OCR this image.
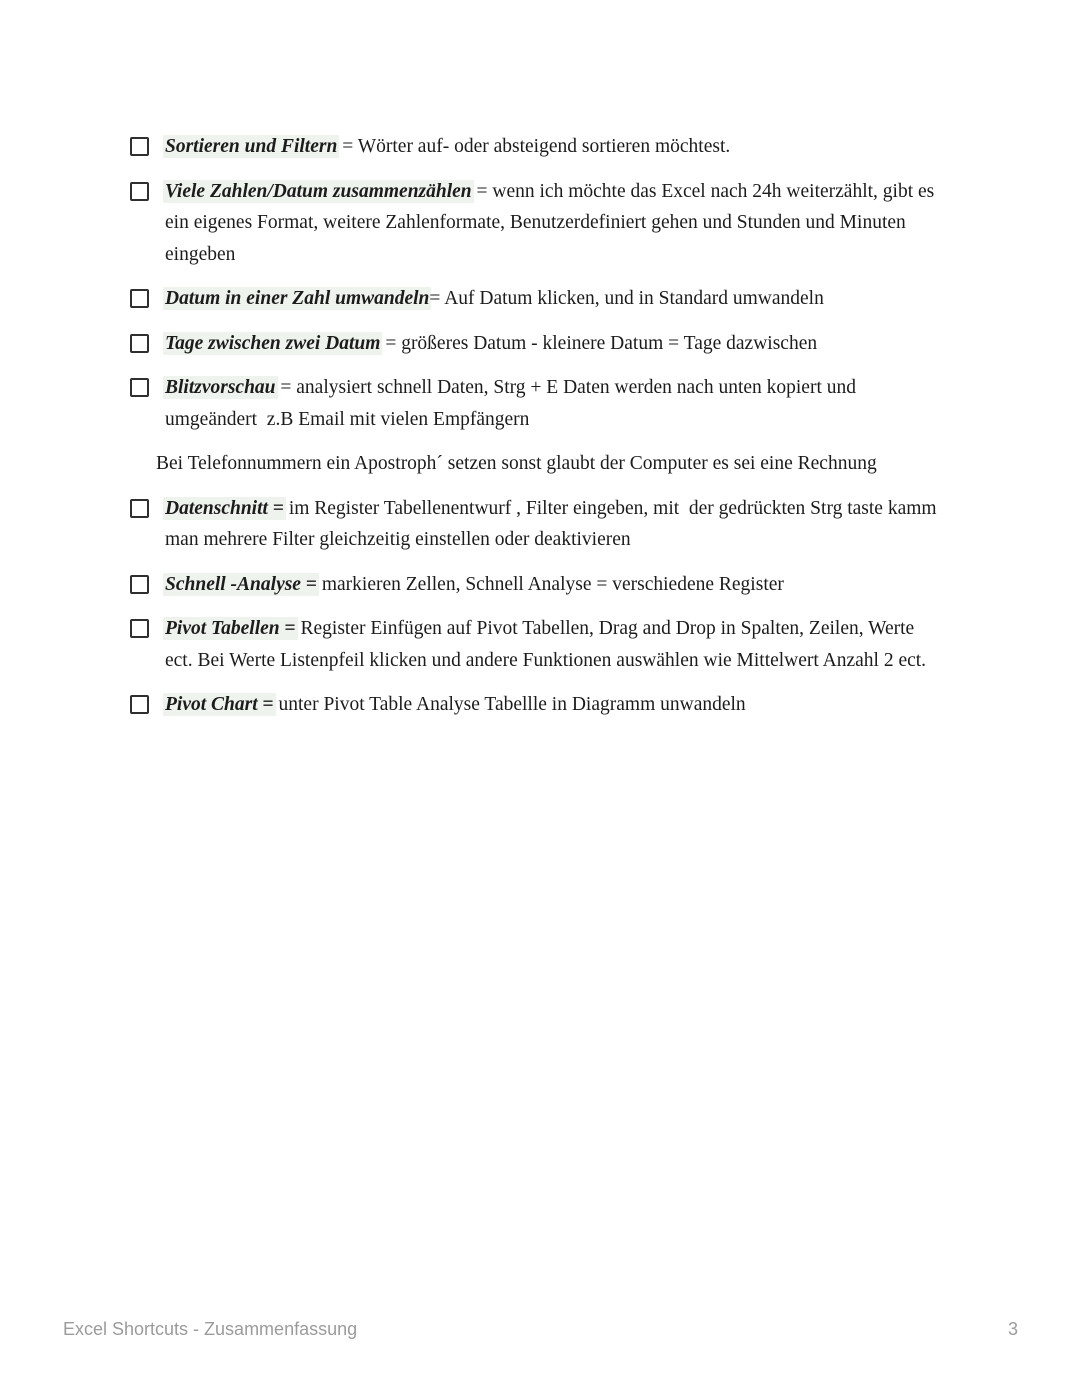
Sortieren und Filtern = Wörter auf- oder absteigend sortieren möchtest.

Viele Zahlen/Datum zusammenzählen = wenn ich möchte das Excel nach 24h weiterzählt, gibt es ein eigenes Format, weitere Zahlenformate, Benutzerdefiniert gehen und Stunden und Minuten eingeben

Datum in einer Zahl umwandeln= Auf Datum klicken, und in Standard umwandeln

Tage zwischen zwei Datum = größeres Datum - kleinere Datum = Tage dazwischen

Blitzvorschau = analysiert schnell Daten, Strg + E Daten werden nach unten kopiert und umgeändert  z.B Email mit vielen Empfängern

Bei Telefonnummern ein Apostroph´ setzen sonst glaubt der Computer es sei eine Rechnung

Datenschnitt = im Register Tabellenentwurf , Filter eingeben, mit  der gedrückten Strg taste kamm man mehrere Filter gleichzeitig einstellen oder deaktivieren

Schnell -Analyse = markieren Zellen, Schnell Analyse = verschiedene Register

Pivot Tabellen = Register Einfügen auf Pivot Tabellen, Drag and Drop in Spalten, Zeilen, Werte ect. Bei Werte Listenpfeil klicken und andere Funktionen auswählen wie Mittelwert Anzahl 2 ect.

Pivot Chart = unter Pivot Table Analyse Tabellle in Diagramm unwandeln

Excel Shortcuts - Zusammenfassung	3
